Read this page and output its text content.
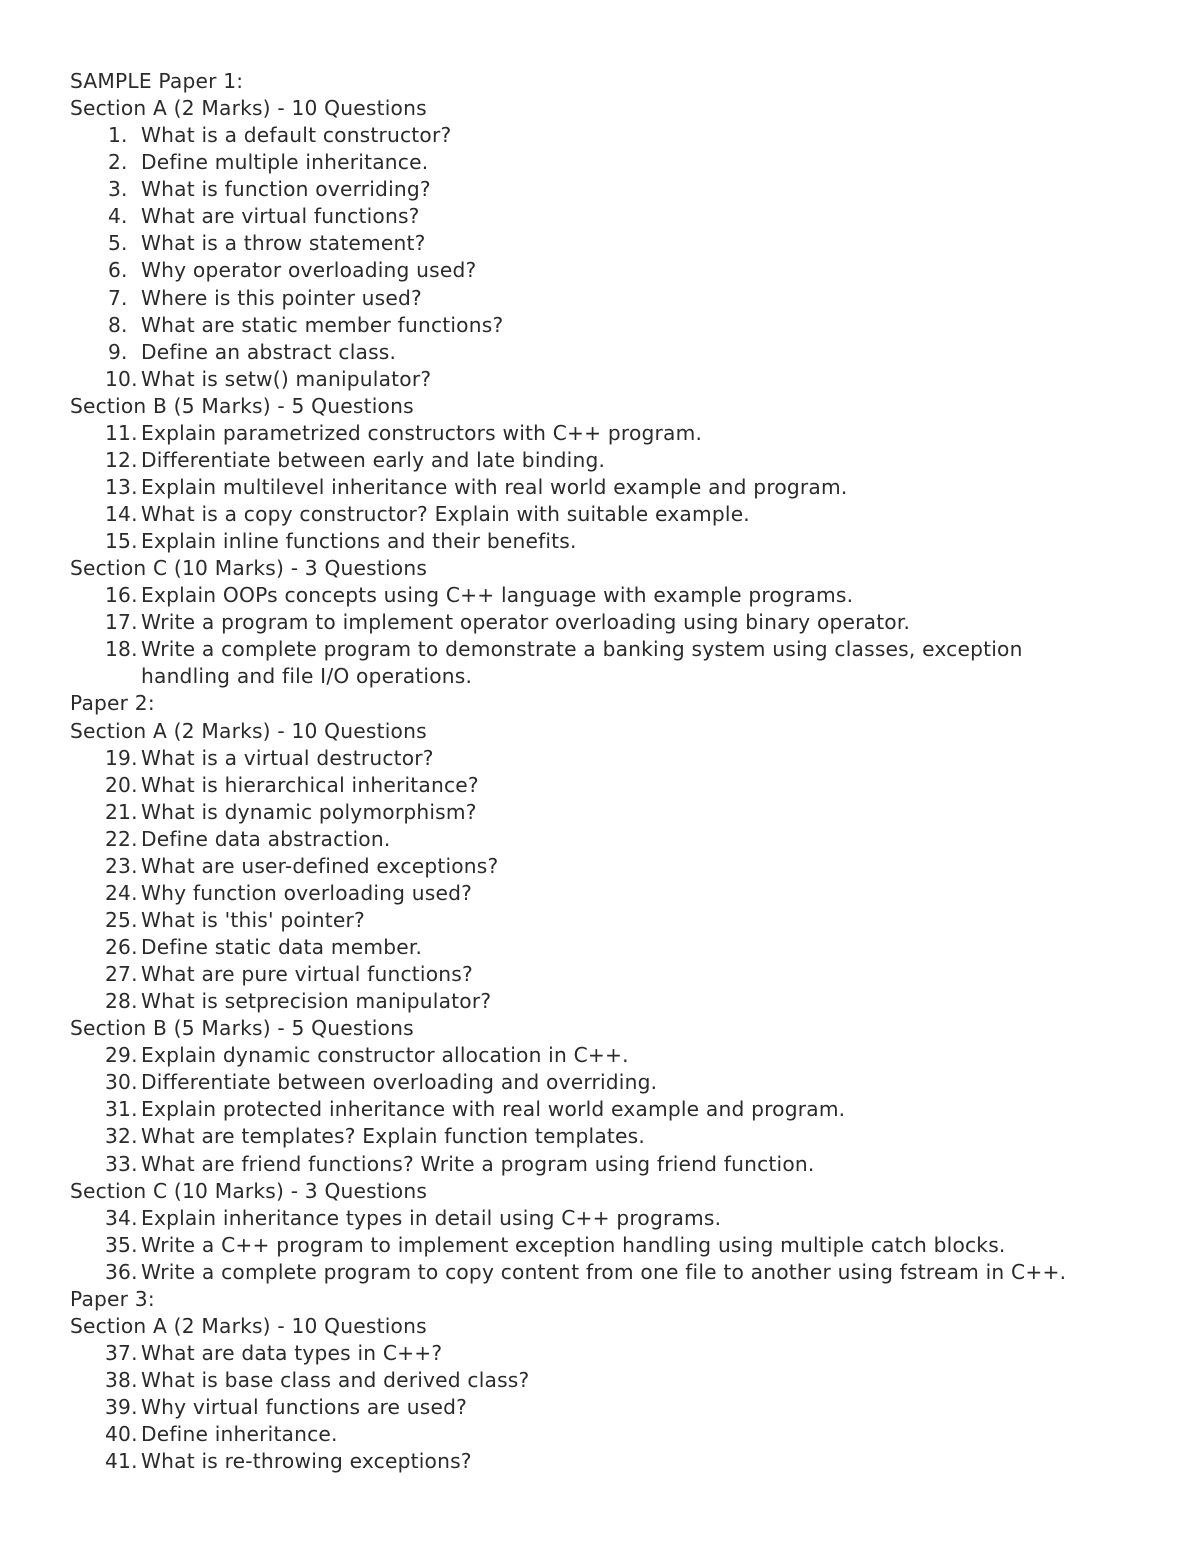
SAMPLE Paper 1:
Section A (2 Marks) - 10 Questions
1. What is a default constructor?
2. Define multiple inheritance.
3. What is function overriding?
4. What are virtual functions?
5. What is a throw statement?
6. Why operator overloading used?
7. Where is this pointer used?
8. What are static member functions?
9. Define an abstract class.
10. What is setw() manipulator?
Section B (5 Marks) - 5 Questions
11. Explain parametrized constructors with C++ program.
12. Differentiate between early and late binding.
13. Explain multilevel inheritance with real world example and program.
14. What is a copy constructor? Explain with suitable example.
15. Explain inline functions and their benefits.
Section C (10 Marks) - 3 Questions
16. Explain OOPs concepts using C++ language with example programs.
17. Write a program to implement operator overloading using binary operator.
18. Write a complete program to demonstrate a banking system using classes, exception
handling and file I/O operations.
Paper 2:
Section A (2 Marks) - 10 Questions
19. What is a virtual destructor?
20. What is hierarchical inheritance?
21. What is dynamic polymorphism?
22. Define data abstraction.
23. What are user-defined exceptions?
24. Why function overloading used?
25. What is 'this' pointer?
26. Define static data member.
27. What are pure virtual functions?
28. What is setprecision manipulator?
Section B (5 Marks) - 5 Questions
29. Explain dynamic constructor allocation in C++.
30. Differentiate between overloading and overriding.
31. Explain protected inheritance with real world example and program.
32. What are templates? Explain function templates.
33. What are friend functions? Write a program using friend function.
Section C (10 Marks) - 3 Questions
34. Explain inheritance types in detail using C++ programs.
35. Write a C++ program to implement exception handling using multiple catch blocks.
36. Write a complete program to copy content from one file to another using fstream in C++.
Paper 3:
Section A (2 Marks) - 10 Questions
37. What are data types in C++?
38. What is base class and derived class?
39. Why virtual functions are used?
40. Define inheritance.
41. What is re-throwing exceptions?
